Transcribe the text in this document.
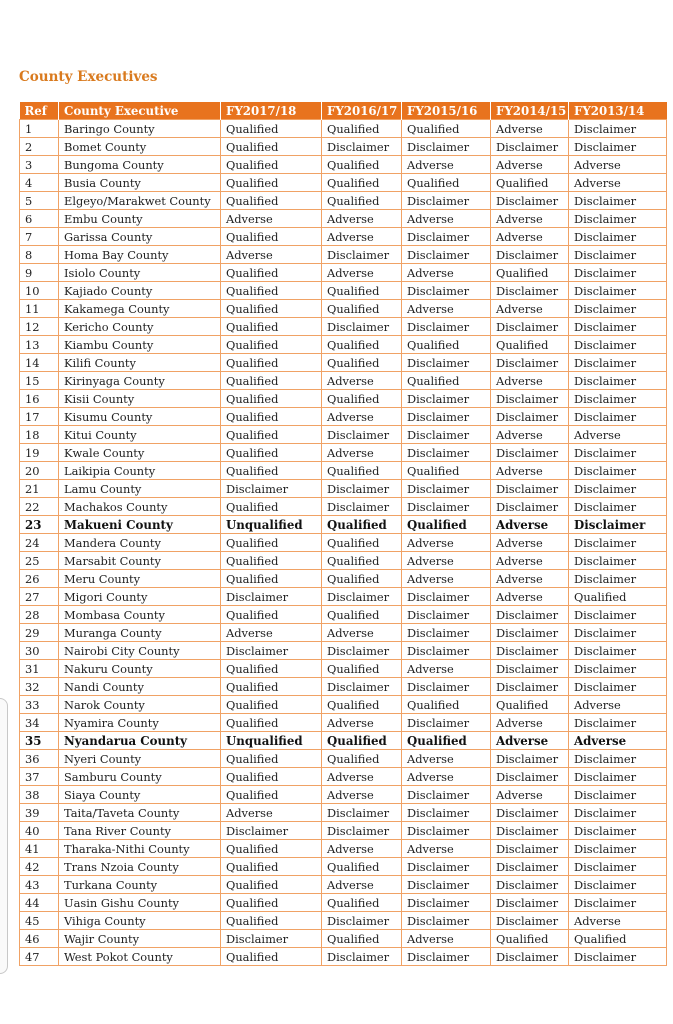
County Executives
Ref	County Executive	FY2017/18	FY2016/17	FY2015/16	FY2014/15	FY2013/14
1	Baringo County	Qualified	Qualified	Qualified	Adverse	Disclaimer
2	Bomet County	Qualified	Disclaimer	Disclaimer	Disclaimer	Disclaimer
3	Bungoma County	Qualified	Qualified	Adverse	Adverse	Adverse
4	Busia County	Qualified	Qualified	Qualified	Qualified	Adverse
5	Elgeyo/Marakwet County	Qualified	Qualified	Disclaimer	Disclaimer	Disclaimer
6	Embu County	Adverse	Adverse	Adverse	Adverse	Disclaimer
7	Garissa County	Qualified	Adverse	Disclaimer	Adverse	Disclaimer
8	Homa Bay County	Adverse	Disclaimer	Disclaimer	Disclaimer	Disclaimer
9	Isiolo County	Qualified	Adverse	Adverse	Qualified	Disclaimer
10	Kajiado County	Qualified	Qualified	Disclaimer	Disclaimer	Disclaimer
11	Kakamega County	Qualified	Qualified	Adverse	Adverse	Disclaimer
12	Kericho County	Qualified	Disclaimer	Disclaimer	Disclaimer	Disclaimer
13	Kiambu County	Qualified	Qualified	Qualified	Qualified	Disclaimer
14	Kilifi County	Qualified	Qualified	Disclaimer	Disclaimer	Disclaimer
15	Kirinyaga County	Qualified	Adverse	Qualified	Adverse	Disclaimer
16	Kisii County	Qualified	Qualified	Disclaimer	Disclaimer	Disclaimer
17	Kisumu County	Qualified	Adverse	Disclaimer	Disclaimer	Disclaimer
18	Kitui County	Qualified	Disclaimer	Disclaimer	Adverse	Adverse
19	Kwale County	Qualified	Adverse	Disclaimer	Disclaimer	Disclaimer
20	Laikipia County	Qualified	Qualified	Qualified	Adverse	Disclaimer
21	Lamu County	Disclaimer	Disclaimer	Disclaimer	Disclaimer	Disclaimer
22	Machakos County	Qualified	Disclaimer	Disclaimer	Disclaimer	Disclaimer
23	Makueni County	Unqualified	Qualified	Qualified	Adverse	Disclaimer
24	Mandera County	Qualified	Qualified	Adverse	Adverse	Disclaimer
25	Marsabit County	Qualified	Qualified	Adverse	Adverse	Disclaimer
26	Meru County	Qualified	Qualified	Adverse	Adverse	Disclaimer
27	Migori County	Disclaimer	Disclaimer	Disclaimer	Adverse	Qualified
28	Mombasa County	Qualified	Qualified	Disclaimer	Disclaimer	Disclaimer
29	Muranga County	Adverse	Adverse	Disclaimer	Disclaimer	Disclaimer
30	Nairobi City County	Disclaimer	Disclaimer	Disclaimer	Disclaimer	Disclaimer
31	Nakuru County	Qualified	Qualified	Adverse	Disclaimer	Disclaimer
32	Nandi County	Qualified	Disclaimer	Disclaimer	Disclaimer	Disclaimer
33	Narok County	Qualified	Qualified	Qualified	Qualified	Adverse
34	Nyamira County	Qualified	Adverse	Disclaimer	Adverse	Disclaimer
35	Nyandarua County	Unqualified	Qualified	Qualified	Adverse	Adverse
36	Nyeri County	Qualified	Qualified	Adverse	Disclaimer	Disclaimer
37	Samburu County	Qualified	Adverse	Adverse	Disclaimer	Disclaimer
38	Siaya County	Qualified	Adverse	Disclaimer	Adverse	Disclaimer
39	Taita/Taveta County	Adverse	Disclaimer	Disclaimer	Disclaimer	Disclaimer
40	Tana River County	Disclaimer	Disclaimer	Disclaimer	Disclaimer	Disclaimer
41	Tharaka-Nithi County	Qualified	Adverse	Adverse	Disclaimer	Disclaimer
42	Trans Nzoia County	Qualified	Qualified	Disclaimer	Disclaimer	Disclaimer
43	Turkana County	Qualified	Adverse	Disclaimer	Disclaimer	Disclaimer
44	Uasin Gishu County	Qualified	Qualified	Disclaimer	Disclaimer	Disclaimer
45	Vihiga County	Qualified	Disclaimer	Disclaimer	Disclaimer	Adverse
46	Wajir County	Disclaimer	Qualified	Adverse	Qualified	Qualified
47	West Pokot County	Qualified	Disclaimer	Disclaimer	Disclaimer	Disclaimer
